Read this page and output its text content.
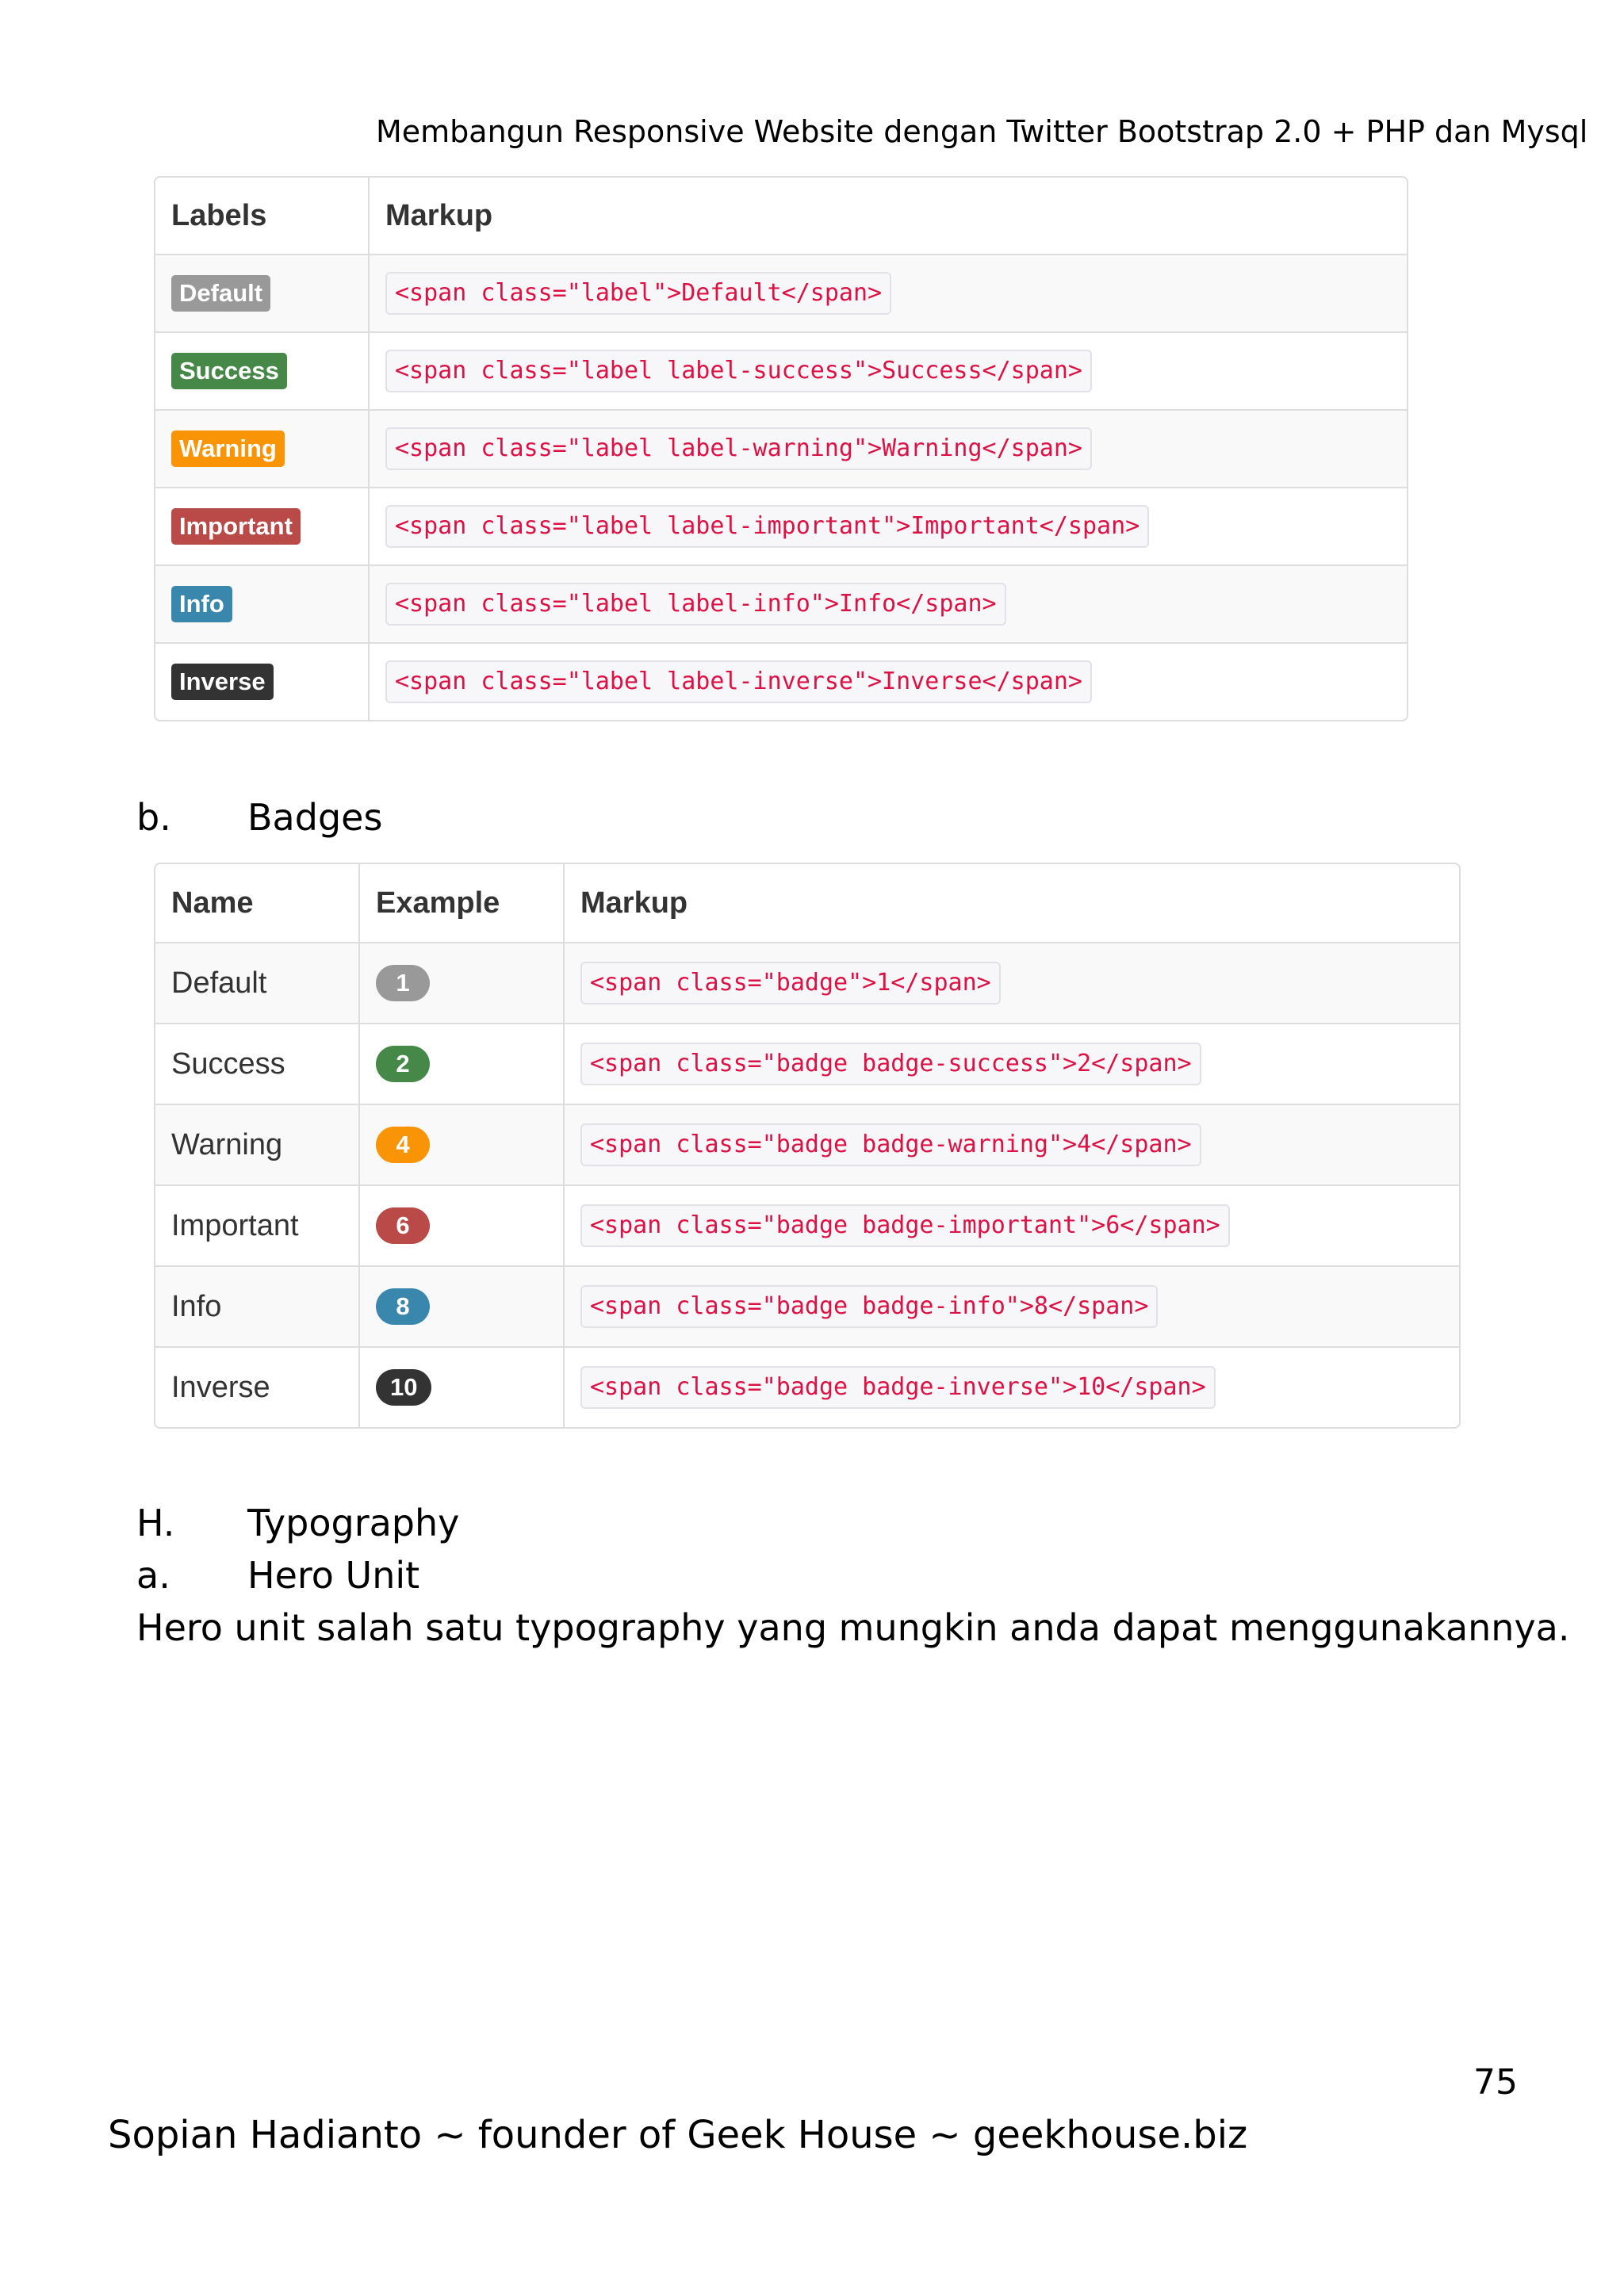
Membangun Responsive Website dengan Twitter Bootstrap 2.0 + PHP dan Mysql
Labels	Markup
Default	<span class="label">Default</span>
Success	<span class="label label-success">Success</span>
Warning	<span class="label label-warning">Warning</span>
Important	<span class="label label-important">Important</span>
Info	<span class="label label-info">Info</span>
Inverse	<span class="label label-inverse">Inverse</span>
b. Badges
Name	Example	Markup
Default	1	<span class="badge">1</span>
Success	2	<span class="badge badge-success">2</span>
Warning	4	<span class="badge badge-warning">4</span>
Important	6	<span class="badge badge-important">6</span>
Info	8	<span class="badge badge-info">8</span>
Inverse	10	<span class="badge badge-inverse">10</span>
H. Typography
a. Hero Unit
Hero unit salah satu typography yang mungkin anda dapat menggunakannya.
75
Sopian Hadianto ~ founder of Geek House ~ geekhouse.biz
